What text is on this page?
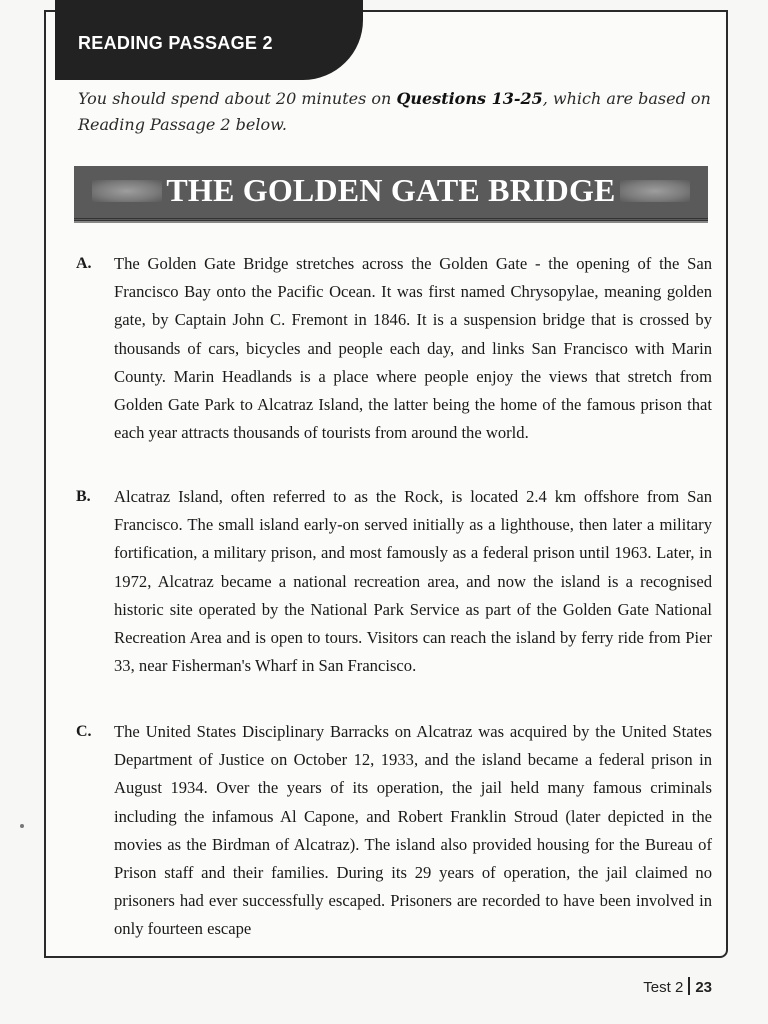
READING PASSAGE 2
You should spend about 20 minutes on Questions 13-25, which are based on Reading Passage 2 below.
THE GOLDEN GATE BRIDGE
A. The Golden Gate Bridge stretches across the Golden Gate - the opening of the San Francisco Bay onto the Pacific Ocean. It was first named Chrysopylae, meaning golden gate, by Captain John C. Fremont in 1846. It is a suspension bridge that is crossed by thousands of cars, bicycles and people each day, and links San Francisco with Marin County. Marin Headlands is a place where people enjoy the views that stretch from Golden Gate Park to Alcatraz Island, the latter being the home of the famous prison that each year attracts thousands of tourists from around the world.
B. Alcatraz Island, often referred to as the Rock, is located 2.4 km offshore from San Francisco. The small island early-on served initially as a lighthouse, then later a military fortification, a military prison, and most famously as a federal prison until 1963. Later, in 1972, Alcatraz became a national recreation area, and now the island is a recognised historic site operated by the National Park Service as part of the Golden Gate National Recreation Area and is open to tours. Visitors can reach the island by ferry ride from Pier 33, near Fisherman's Wharf in San Francisco.
C. The United States Disciplinary Barracks on Alcatraz was acquired by the United States Department of Justice on October 12, 1933, and the island became a federal prison in August 1934. Over the years of its operation, the jail held many famous criminals including the infamous Al Capone, and Robert Franklin Stroud (later depicted in the movies as the Birdman of Alcatraz). The island also provided housing for the Bureau of Prison staff and their families. During its 29 years of operation, the jail claimed no prisoners had ever successfully escaped. Prisoners are recorded to have been involved in only fourteen escape
Test 2 23
